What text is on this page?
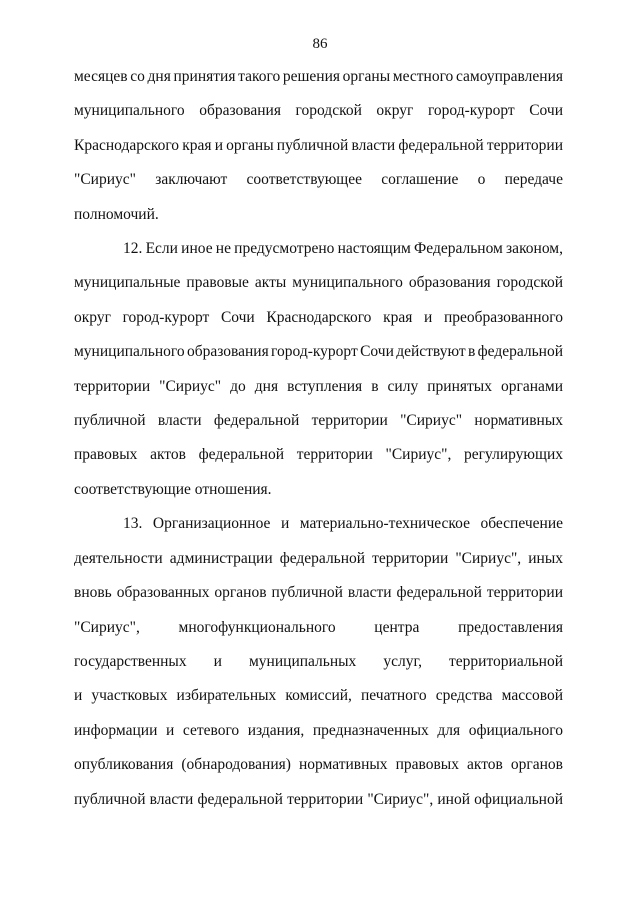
86

месяцев со дня принятия такого решения органы местного самоуправления
муниципального образования городской округ город-курорт Сочи
Краснодарского края и органы публичной власти федеральной территории
"Сириус" заключают соответствующее соглашение о передаче
полномочий.

12. Если иное не предусмотрено настоящим Федеральном законом,
муниципальные правовые акты муниципального образования городской
округ город-курорт Сочи Краснодарского края и преобразованного
муниципального образования город-курорт Сочи действуют в федеральной
территории "Сириус" до дня вступления в силу принятых органами
публичной власти федеральной территории "Сириус" нормативных
правовых актов федеральной территории "Сириус", регулирующих
соответствующие отношения.

13. Организационное и материально-техническое обеспечение
деятельности администрации федеральной территории "Сириус", иных
вновь образованных органов публичной власти федеральной территории
"Сириус", многофункционального центра предоставления
государственных и муниципальных услуг, территориальной
и участковых избирательных комиссий, печатного средства массовой
информации и сетевого издания, предназначенных для официального
опубликования (обнародования) нормативных правовых актов органов
публичной власти федеральной территории "Сириус", иной официальной
